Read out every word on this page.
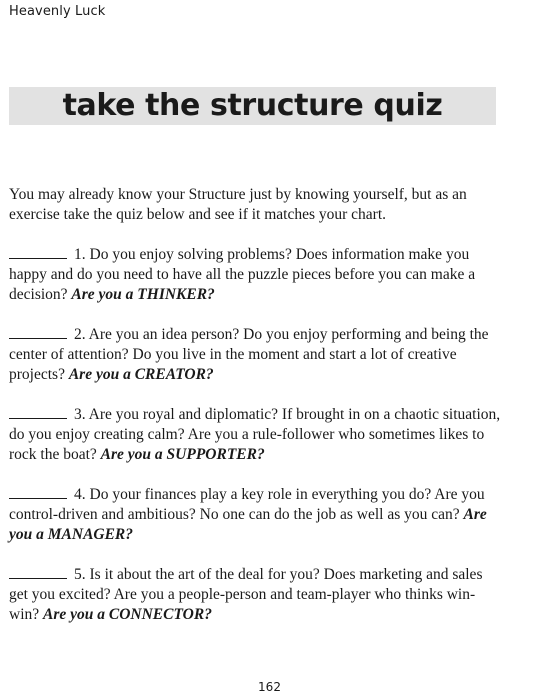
Heavenly Luck
take the structure quiz

You may already know your Structure just by knowing yourself, but as an exercise take the quiz below and see if it matches your chart.

1. Do you enjoy solving problems? Does information make you happy and do you need to have all the puzzle pieces before you can make a decision? Are you a THINKER?

2. Are you an idea person? Do you enjoy performing and being the center of attention? Do you live in the moment and start a lot of creative projects? Are you a CREATOR?

3. Are you royal and diplomatic? If brought in on a chaotic situation, do you enjoy creating calm? Are you a rule-follower who sometimes likes to rock the boat? Are you a SUPPORTER?

4. Do your finances play a key role in everything you do? Are you control-driven and ambitious? No one can do the job as well as you can? Are you a MANAGER?

5. Is it about the art of the deal for you? Does marketing and sales get you excited? Are you a people-person and team-player who thinks win-win? Are you a CONNECTOR?

162
